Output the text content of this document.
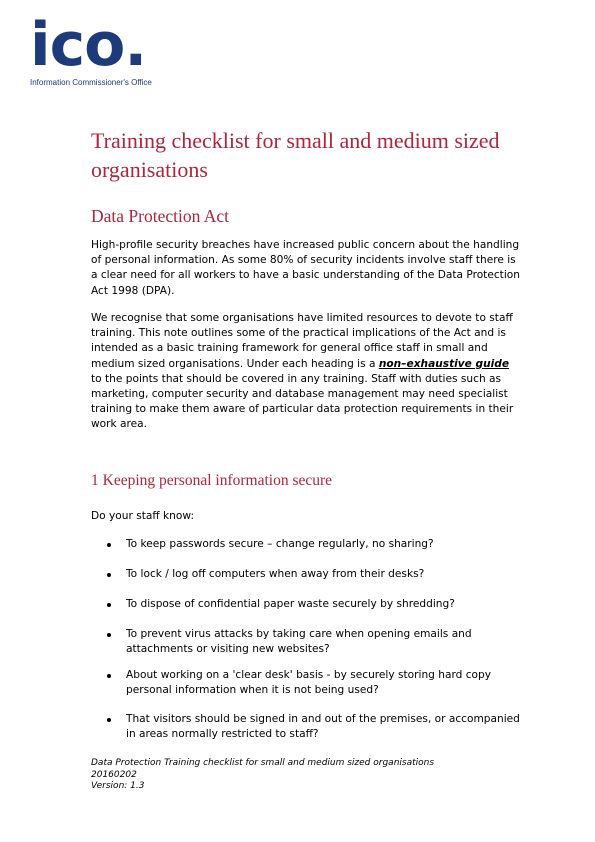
ico.
Information Commissioner's Office
Training checklist for small and medium sized organisations
Data Protection Act

High-profile security breaches have increased public concern about the handling of personal information. As some 80% of security incidents involve staff there is a clear need for all workers to have a basic understanding of the Data Protection Act 1998 (DPA).

We recognise that some organisations have limited resources to devote to staff training. This note outlines some of the practical implications of the Act and is intended as a basic training framework for general office staff in small and medium sized organisations. Under each heading is a non–exhaustive guide to the points that should be covered in any training. Staff with duties such as marketing, computer security and database management may need specialist training to make them aware of particular data protection requirements in their work area.

1 Keeping personal information secure

Do your staff know:

To keep passwords secure – change regularly, no sharing?
To lock / log off computers when away from their desks?
To dispose of confidential paper waste securely by shredding?
To prevent virus attacks by taking care when opening emails and attachments or visiting new websites?
About working on a 'clear desk' basis - by securely storing hard copy personal information when it is not being used?
That visitors should be signed in and out of the premises, or accompanied in areas normally restricted to staff?
Data Protection Training checklist for small and medium sized organisations
20160202
Version: 1.3
